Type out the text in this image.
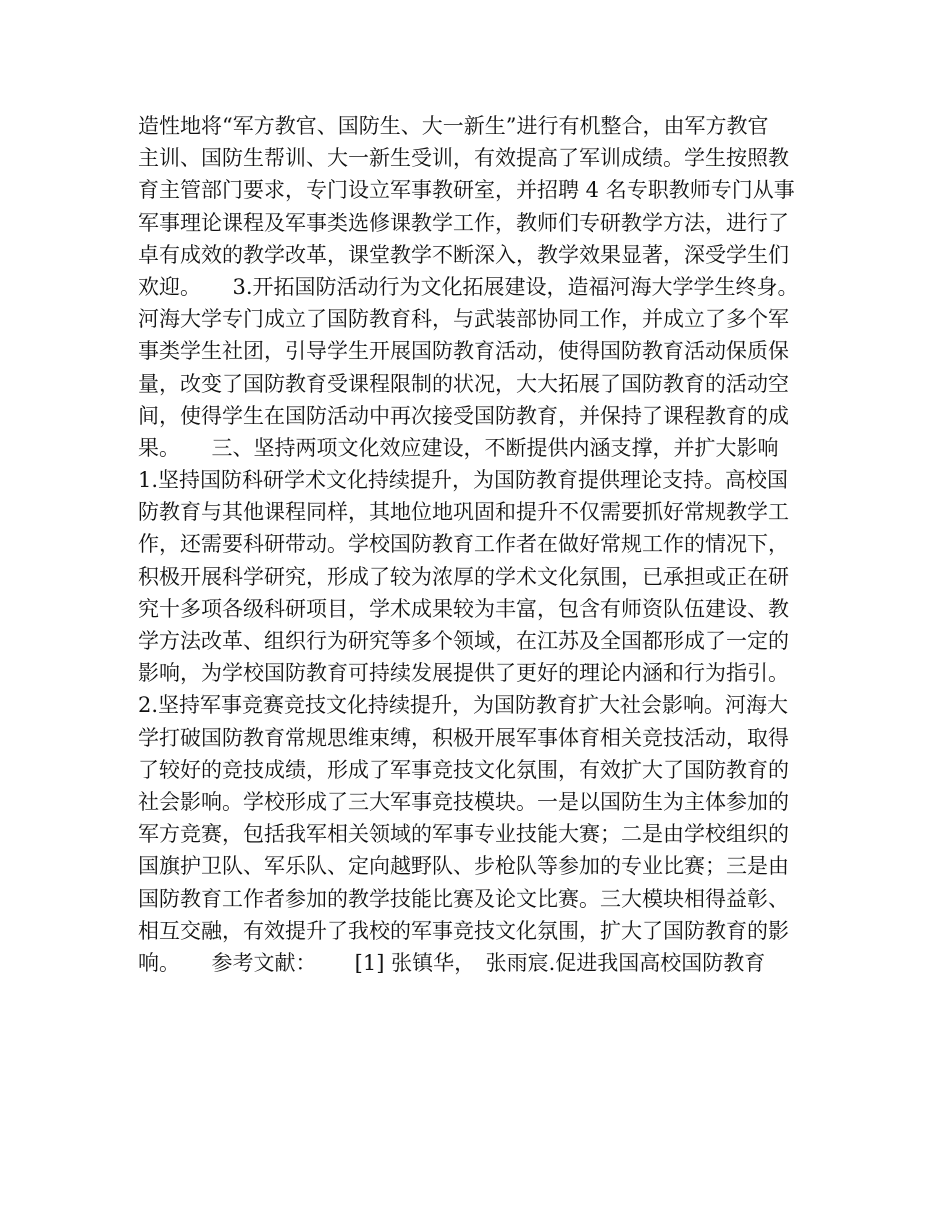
造性地将“军方教官、国防生、大一新生”进行有机整合，由军方教官
主训、国防生帮训、大一新生受训，有效提高了军训成绩。学生按照教
育主管部门要求，专门设立军事教研室，并招聘 4 名专职教师专门从事
军事理论课程及军事类选修课教学工作，教师们专研教学方法，进行了
卓有成效的教学改革，课堂教学不断深入，教学效果显著，深受学生们
欢迎。　　3.开拓国防活动行为文化拓展建设，造福河海大学学生终身。
河海大学专门成立了国防教育科，与武装部协同工作，并成立了多个军
事类学生社团，引导学生开展国防教育活动，使得国防教育活动保质保
量，改变了国防教育受课程限制的状况，大大拓展了国防教育的活动空
间，使得学生在国防活动中再次接受国防教育，并保持了课程教育的成
果。　　三、坚持两项文化效应建设，不断提供内涵支撑，并扩大影响
1.坚持国防科研学术文化持续提升，为国防教育提供理论支持。高校国
防教育与其他课程同样，其地位地巩固和提升不仅需要抓好常规教学工
作，还需要科研带动。学校国防教育工作者在做好常规工作的情况下，
积极开展科学研究，形成了较为浓厚的学术文化氛围，已承担或正在研
究十多项各级科研项目，学术成果较为丰富，包含有师资队伍建设、教
学方法改革、组织行为研究等多个领域，在江苏及全国都形成了一定的
影响，为学校国防教育可持续发展提供了更好的理论内涵和行为指引。
2.坚持军事竞赛竞技文化持续提升，为国防教育扩大社会影响。河海大
学打破国防教育常规思维束缚，积极开展军事体育相关竞技活动，取得
了较好的竞技成绩，形成了军事竞技文化氛围，有效扩大了国防教育的
社会影响。学校形成了三大军事竞技模块。一是以国防生为主体参加的
军方竞赛，包括我军相关领域的军事专业技能大赛；二是由学校组织的
国旗护卫队、军乐队、定向越野队、步枪队等参加的专业比赛；三是由
国防教育工作者参加的教学技能比赛及论文比赛。三大模块相得益彰、
相互交融，有效提升了我校的军事竞技文化氛围，扩大了国防教育的影
响。　　参考文献：　　 [1] 张镇华，　张雨宸.促进我国高校国防教育
